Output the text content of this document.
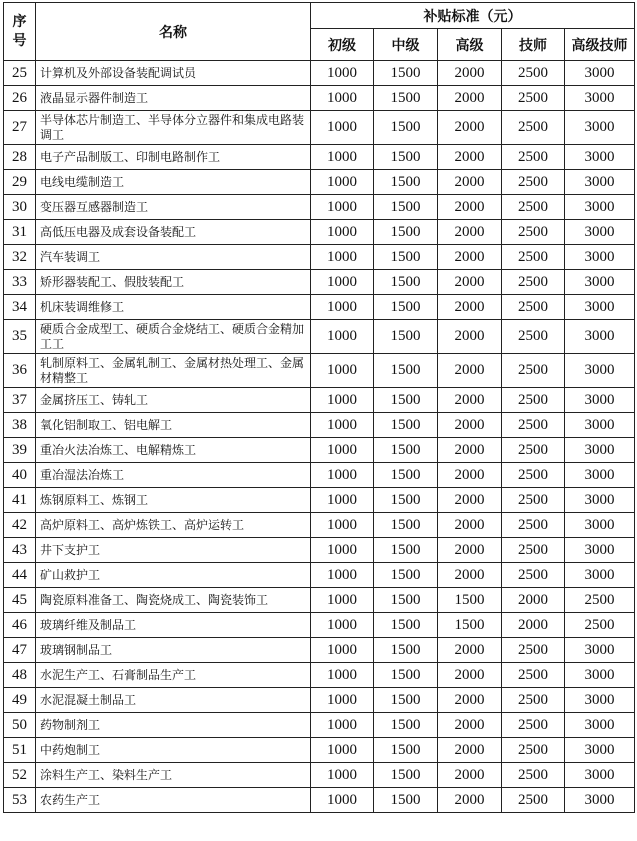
序
号	名称	补贴标准（元）				
		初级	中级	高级	技师	高级技师
25	计算机及外部设备装配调试员	1000	1500	2000	2500	3000
26	液晶显示器件制造工	1000	1500	2000	2500	3000
27	半导体芯片制造工、半导体分立器件和集成电路装调工	1000	1500	2000	2500	3000
28	电子产品制版工、印制电路制作工	1000	1500	2000	2500	3000
29	电线电缆制造工	1000	1500	2000	2500	3000
30	变压器互感器制造工	1000	1500	2000	2500	3000
31	高低压电器及成套设备装配工	1000	1500	2000	2500	3000
32	汽车装调工	1000	1500	2000	2500	3000
33	矫形器装配工、假肢装配工	1000	1500	2000	2500	3000
34	机床装调维修工	1000	1500	2000	2500	3000
35	硬质合金成型工、硬质合金烧结工、硬质合金精加工工	1000	1500	2000	2500	3000
36	轧制原料工、金属轧制工、金属材热处理工、金属材精整工	1000	1500	2000	2500	3000
37	金属挤压工、铸轧工	1000	1500	2000	2500	3000
38	氧化铝制取工、铝电解工	1000	1500	2000	2500	3000
39	重冶火法冶炼工、电解精炼工	1000	1500	2000	2500	3000
40	重冶湿法冶炼工	1000	1500	2000	2500	3000
41	炼钢原料工、炼钢工	1000	1500	2000	2500	3000
42	高炉原料工、高炉炼铁工、高炉运转工	1000	1500	2000	2500	3000
43	井下支护工	1000	1500	2000	2500	3000
44	矿山救护工	1000	1500	2000	2500	3000
45	陶瓷原料准备工、陶瓷烧成工、陶瓷装饰工	1000	1500	1500	2000	2500
46	玻璃纤维及制品工	1000	1500	1500	2000	2500
47	玻璃钢制品工	1000	1500	2000	2500	3000
48	水泥生产工、石膏制品生产工	1000	1500	2000	2500	3000
49	水泥混凝土制品工	1000	1500	2000	2500	3000
50	药物制剂工	1000	1500	2000	2500	3000
51	中药炮制工	1000	1500	2000	2500	3000
52	涂料生产工、染料生产工	1000	1500	2000	2500	3000
53	农药生产工	1000	1500	2000	2500	3000
